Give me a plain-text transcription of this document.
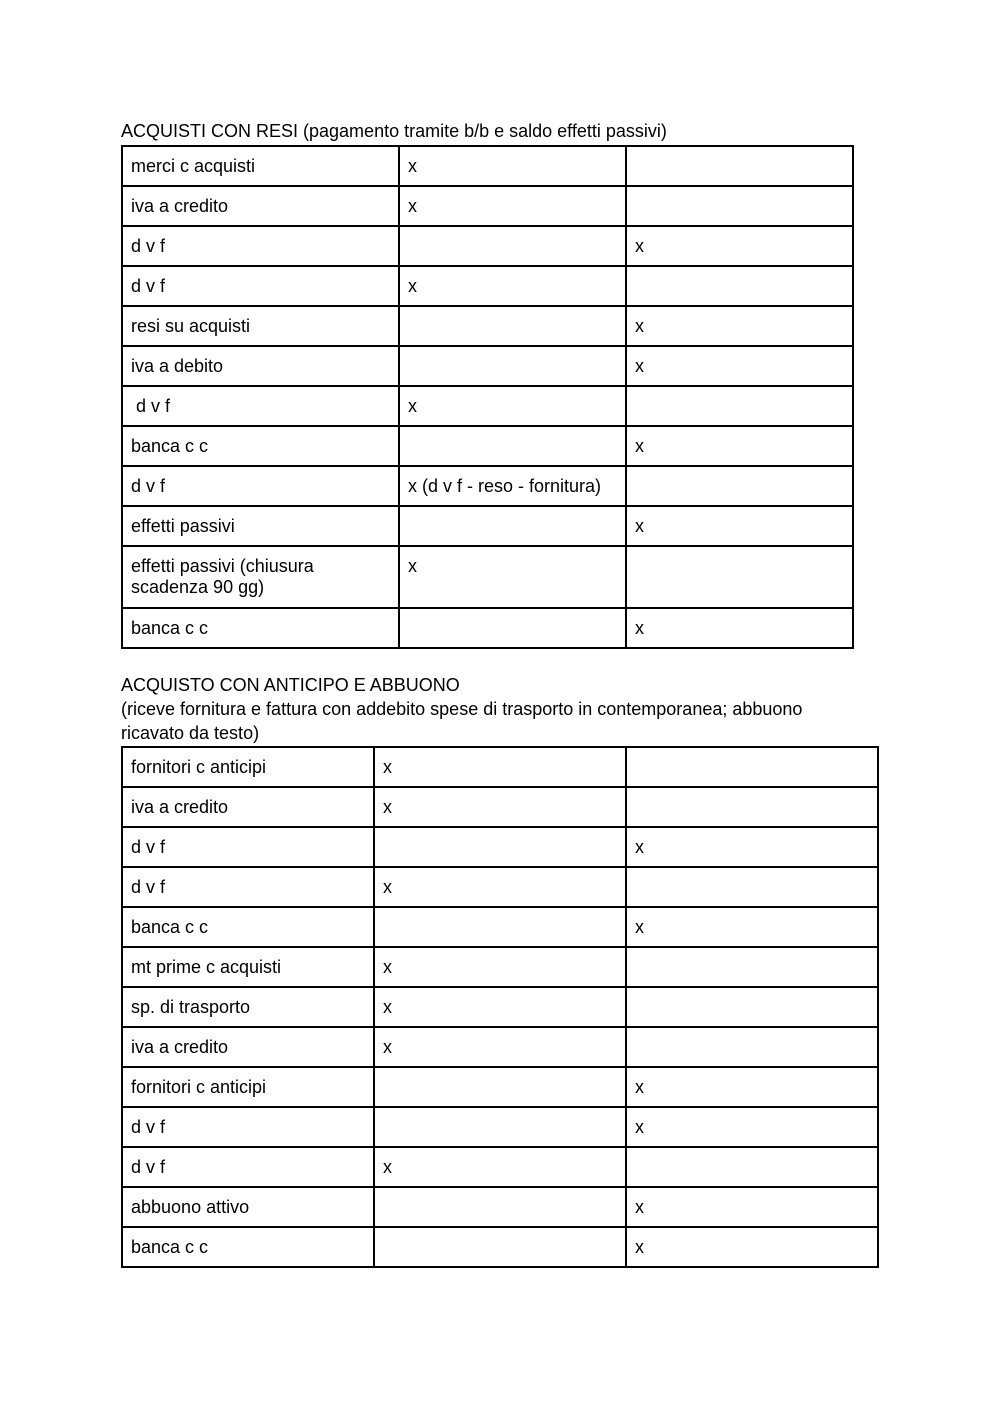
ACQUISTI CON RESI (pagamento tramite b/b e saldo effetti passivi)
merci c acquisti	x	
iva a credito	x	
d v f		x
d v f	x	
resi su acquisti		x
iva a debito		x
d v f	x	
banca c c		x
d v f	x (d v f - reso - fornitura)	
effetti passivi		x
effetti passivi (chiusura scadenza 90 gg)	x	
banca c c		x
ACQUISTO CON ANTICIPO E ABBUONO

(riceve fornitura e fattura con addebito spese di trasporto in contemporanea; abbuono ricavato da testo)

fornitori c anticipi	x	
iva a credito	x	
d v f		x
d v f	x	
banca c c		x
mt prime c acquisti	x	
sp. di trasporto	x	
iva a credito	x	
fornitori c anticipi		x
d v f		x
d v f	x	
abbuono attivo		x
banca c c		x
